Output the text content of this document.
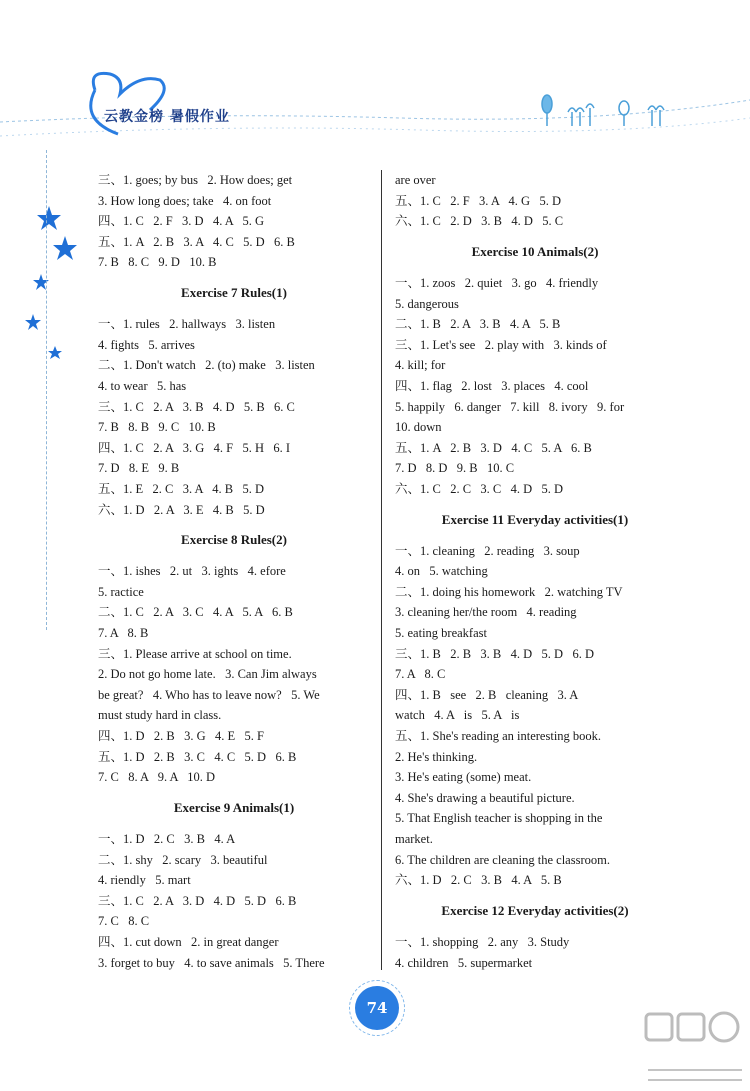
云教金榜 暑假作业
三、1. goes; by bus   2. How does; get
3. How long does; take   4. on foot
四、1. C   2. F   3. D   4. A   5. G
五、1. A   2. B   3. A   4. C   5. D   6. B
7. B   8. C   9. D   10. B
Exercise 7 Rules(1)
一、1. rules   2. hallways   3. listen
4. fights   5. arrives
二、1. Don't watch   2. (to) make   3. listen
4. to wear   5. has
三、1. C   2. A   3. B   4. D   5. B   6. C
7. B   8. B   9. C   10. B
四、1. C   2. A   3. G   4. F   5. H   6. I
7. D   8. E   9. B
五、1. E   2. C   3. A   4. B   5. D
六、1. D   2. A   3. E   4. B   5. D
Exercise 8 Rules(2)
一、1. ishes   2. ut   3. ights   4. efore
5. ractice
二、1. C   2. A   3. C   4. A   5. A   6. B
7. A   8. B
三、1. Please arrive at school on time.
2. Do not go home late.   3. Can Jim always
be great?   4. Who has to leave now?   5. We
must study hard in class.
四、1. D   2. B   3. G   4. E   5. F
五、1. D   2. B   3. C   4. C   5. D   6. B
7. C   8. A   9. A   10. D
Exercise 9 Animals(1)
一、1. D   2. C   3. B   4. A
二、1. shy   2. scary   3. beautiful
4. riendly   5. mart
三、1. C   2. A   3. D   4. D   5. D   6. B
7. C   8. C
四、1. cut down   2. in great danger
3. forget to buy   4. to save animals   5. There
are over
五、1. C   2. F   3. A   4. G   5. D
六、1. C   2. D   3. B   4. D   5. C
Exercise 10 Animals(2)
一、1. zoos   2. quiet   3. go   4. friendly
5. dangerous
二、1. B   2. A   3. B   4. A   5. B
三、1. Let's see   2. play with   3. kinds of
4. kill; for
四、1. flag   2. lost   3. places   4. cool
5. happily   6. danger   7. kill   8. ivory   9. for
10. down
五、1. A   2. B   3. D   4. C   5. A   6. B
7. D   8. D   9. B   10. C
六、1. C   2. C   3. C   4. D   5. D
Exercise 11 Everyday activities(1)
一、1. cleaning   2. reading   3. soup
4. on   5. watching
二、1. doing his homework   2. watching TV
3. cleaning her/the room   4. reading
5. eating breakfast
三、1. B   2. B   3. B   4. D   5. D   6. D
7. A   8. C
四、1. B   see   2. B   cleaning   3. A
watch   4. A   is   5. A   is
五、1. She's reading an interesting book.
2. He's thinking.
3. He's eating (some) meat.
4. She's drawing a beautiful picture.
5. That English teacher is shopping in the
market.
6. The children are cleaning the classroom.
六、1. D   2. C   3. B   4. A   5. B
Exercise 12 Everyday activities(2)
一、1. shopping   2. any   3. Study
4. children   5. supermarket
74
